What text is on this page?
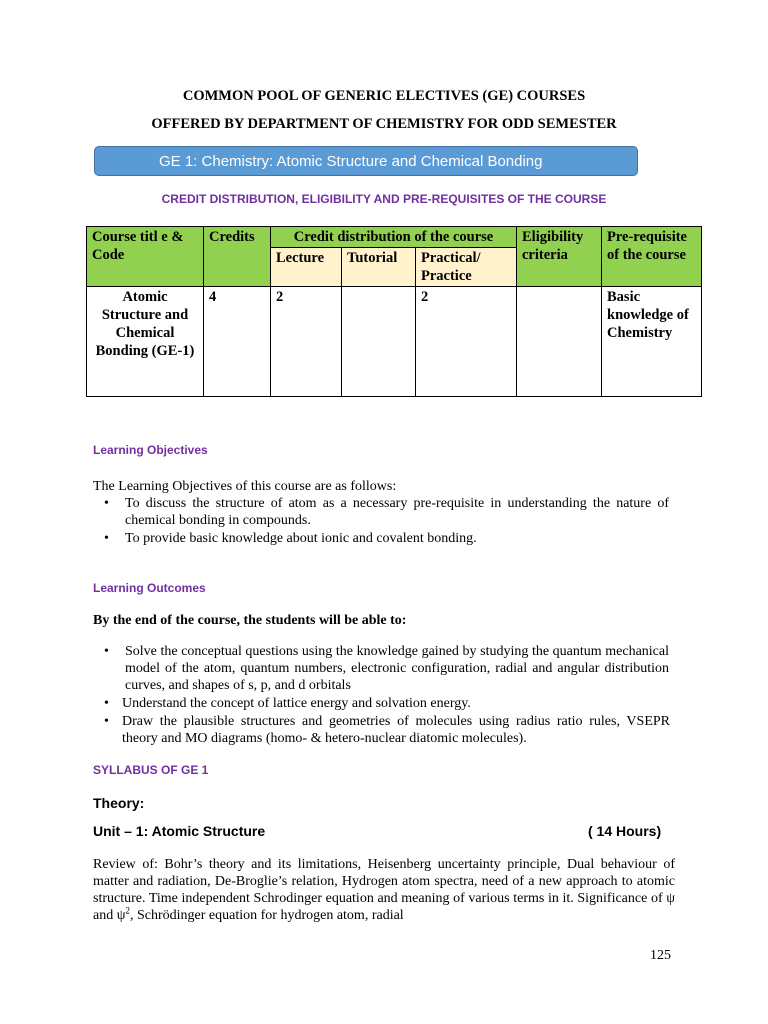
COMMON POOL OF GENERIC ELECTIVES (GE) COURSES
OFFERED BY DEPARTMENT OF CHEMISTRY FOR ODD SEMESTER
GE 1: Chemistry: Atomic Structure and Chemical Bonding
CREDIT DISTRIBUTION, ELIGIBILITY AND PRE-REQUISITES OF THE COURSE
Course titl e & Code	Credits	Credit distribution of the course			Eligibility criteria	Pre-requisite of the course
		Lecture	Tutorial	Practical/ Practice		
Atomic Structure and Chemical Bonding (GE-1)	4	2		2		Basic knowledge of Chemistry
Learning Objectives
The Learning Objectives of this course are as follows:
• To discuss the structure of atom as a necessary pre-requisite in understanding the nature of chemical bonding in compounds.
• To provide basic knowledge about ionic and covalent bonding.
Learning Outcomes
By the end of the course, the students will be able to:
• Solve the conceptual questions using the knowledge gained by studying the quantum mechanical model of the atom, quantum numbers, electronic configuration, radial and angular distribution curves, and shapes of s, p, and d orbitals
• Understand the concept of lattice energy and solvation energy.
• Draw the plausible structures and geometries of molecules using radius ratio rules, VSEPR theory and MO diagrams (homo- & hetero-nuclear diatomic molecules).
SYLLABUS OF GE 1
Theory:
Unit – 1: Atomic Structure	( 14 Hours)
Review of: Bohr’s theory and its limitations, Heisenberg uncertainty principle, Dual behaviour of matter and radiation, De-Broglie’s relation, Hydrogen atom spectra, need of a new approach to atomic structure. Time independent Schrodinger equation and meaning of various terms in it. Significance of ψ and $\psi^2$, Schrödinger equation for hydrogen atom, radial
125
